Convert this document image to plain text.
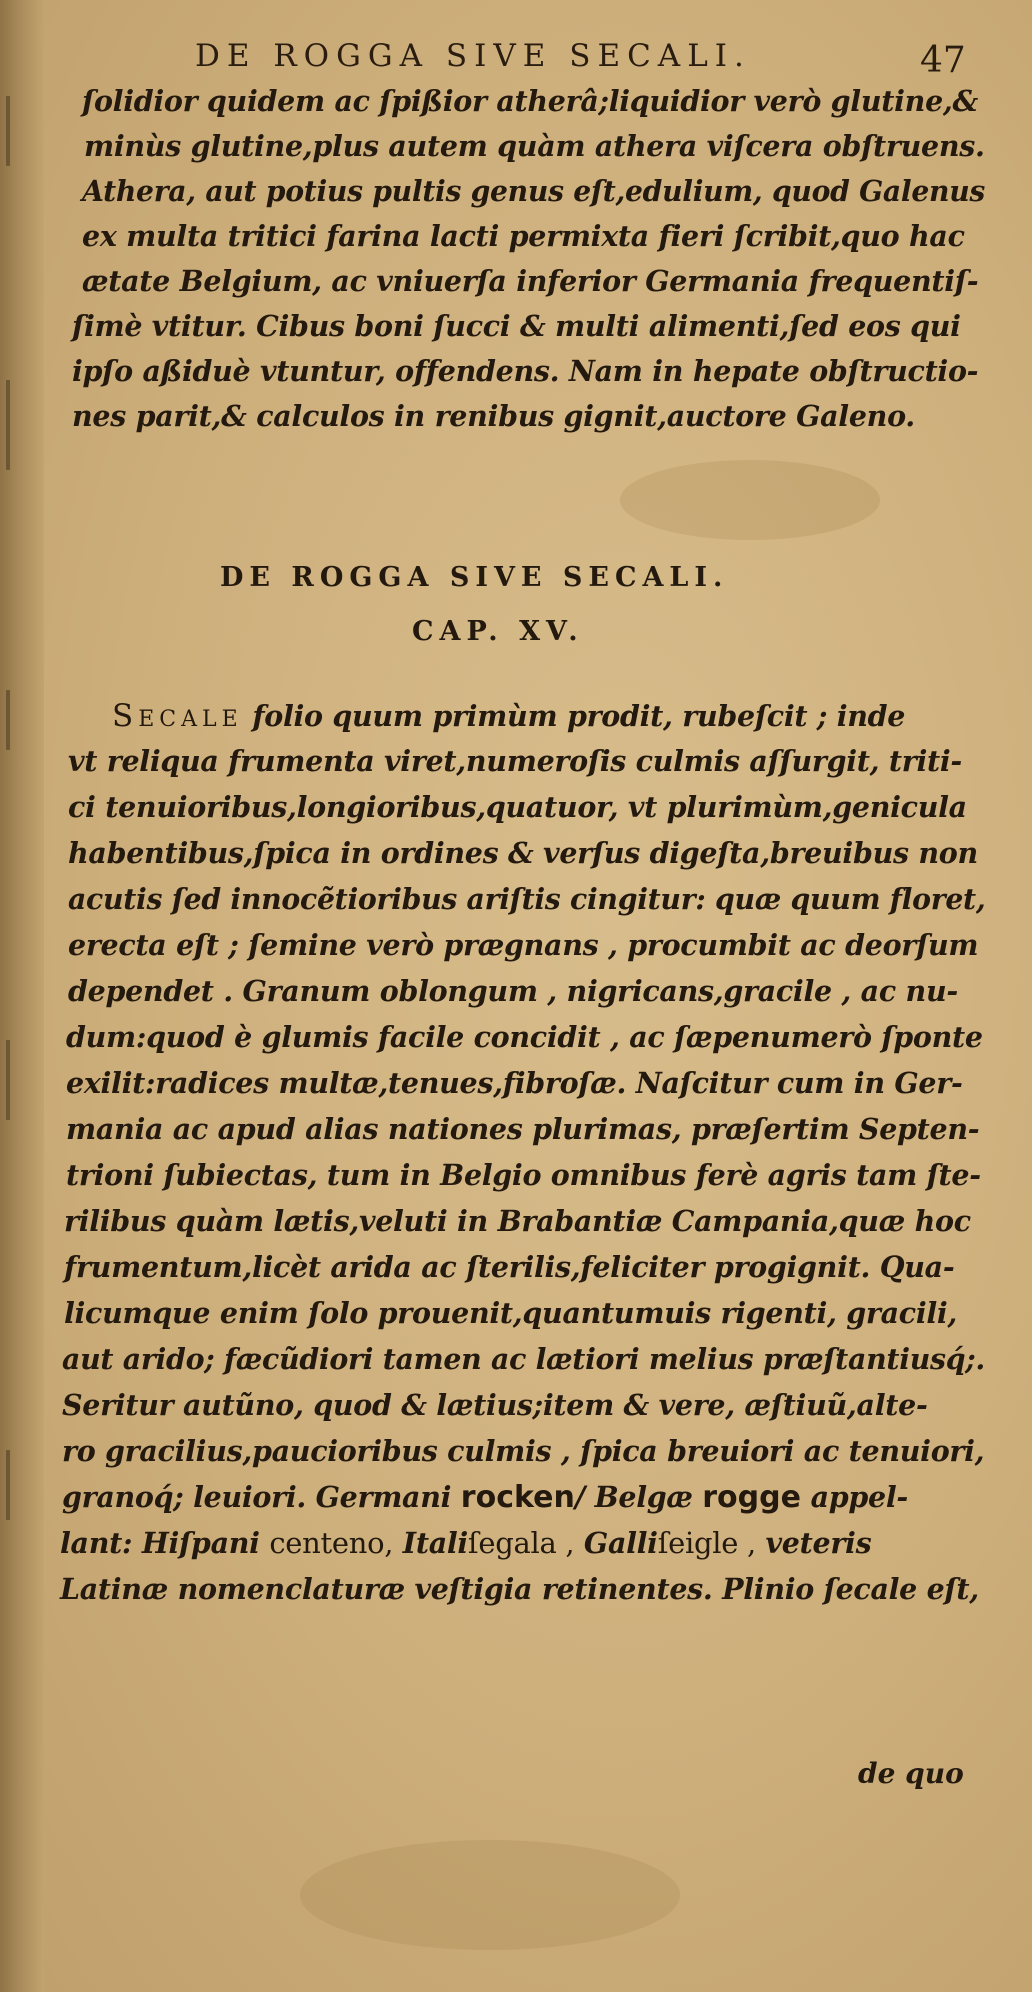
DE ROGGA SIVE SECALI.	47
ſolidior quidem ac ſpißior atherâ;liquidior verò glutine,&
minùs glutine,plus autem quàm athera viſcera obſtruens.
Athera, aut potius pultis genus eſt,edulium, quod Galenus
ex multa tritici farina lacti permixta fieri ſcribit,quo hac
ætate Belgium, ac vniuerſa inferior Germania frequentiſ-
ſimè vtitur. Cibus boni ſucci & multi alimenti,ſed eos qui
ipſo aßiduè vtuntur, offendens. Nam in hepate obſtructio-
nes parit,& calculos in renibus gignit,auctore Galeno.
DE ROGGA SIVE SECALI.
CAP. XV.
Secale folio quum primùm prodit, rubeſcit ; inde
vt reliqua frumenta viret,numeroſis culmis aſſurgit, triti-
ci tenuioribus,longioribus,quatuor, vt plurimùm,genicula
habentibus,ſpica in ordines & verſus digeſta,breuibus non
acutis ſed innocẽtioribus ariſtis cingitur: quæ quum floret,
erecta eſt ; ſemine verò prægnans , procumbit ac deorſum
dependet . Granum oblongum , nigricans,gracile , ac nu-
dum:quod è glumis facile concidit , ac ſæpenumerò ſponte
exilit:radices multæ,tenues,fibroſæ. Naſcitur cum in Ger-
mania ac apud alias nationes plurimas, præſertim Septen-
trioni ſubiectas, tum in Belgio omnibus ferè agris tam ſte-
rilibus quàm lætis,veluti in Brabantiæ Campania,quæ hoc
frumentum,licèt arida ac ſterilis,feliciter progignit. Qua-
licumque enim ſolo prouenit,quantumuis rigenti, gracili,
aut arido; fæcũdiori tamen ac lætiori melius præſtantiusq́;.
Seritur autũno, quod & lætius;item & vere, æſtiuũ,alte-
ro gracilius,paucioribus culmis , ſpica breuiori ac tenuiori,
granoq́; leuiori. Germani rocken/ Belgæ rogge appel-
lant: Hiſpani centeno, Italiſegala , Galliſeigle , veteris
Latinæ nomenclaturæ veſtigia retinentes. Plinio ſecale eſt,
de quo
